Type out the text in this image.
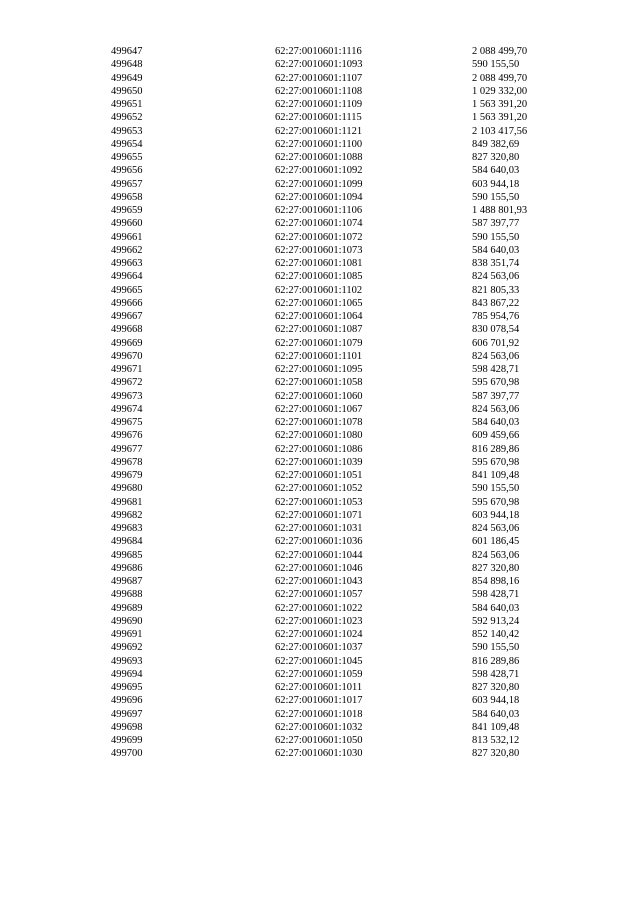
499647	62:27:0010601:1116	2 088 499,70
499648	62:27:0010601:1093	590 155,50
499649	62:27:0010601:1107	2 088 499,70
499650	62:27:0010601:1108	1 029 332,00
499651	62:27:0010601:1109	1 563 391,20
499652	62:27:0010601:1115	1 563 391,20
499653	62:27:0010601:1121	2 103 417,56
499654	62:27:0010601:1100	849 382,69
499655	62:27:0010601:1088	827 320,80
499656	62:27:0010601:1092	584 640,03
499657	62:27:0010601:1099	603 944,18
499658	62:27:0010601:1094	590 155,50
499659	62:27:0010601:1106	1 488 801,93
499660	62:27:0010601:1074	587 397,77
499661	62:27:0010601:1072	590 155,50
499662	62:27:0010601:1073	584 640,03
499663	62:27:0010601:1081	838 351,74
499664	62:27:0010601:1085	824 563,06
499665	62:27:0010601:1102	821 805,33
499666	62:27:0010601:1065	843 867,22
499667	62:27:0010601:1064	785 954,76
499668	62:27:0010601:1087	830 078,54
499669	62:27:0010601:1079	606 701,92
499670	62:27:0010601:1101	824 563,06
499671	62:27:0010601:1095	598 428,71
499672	62:27:0010601:1058	595 670,98
499673	62:27:0010601:1060	587 397,77
499674	62:27:0010601:1067	824 563,06
499675	62:27:0010601:1078	584 640,03
499676	62:27:0010601:1080	609 459,66
499677	62:27:0010601:1086	816 289,86
499678	62:27:0010601:1039	595 670,98
499679	62:27:0010601:1051	841 109,48
499680	62:27:0010601:1052	590 155,50
499681	62:27:0010601:1053	595 670,98
499682	62:27:0010601:1071	603 944,18
499683	62:27:0010601:1031	824 563,06
499684	62:27:0010601:1036	601 186,45
499685	62:27:0010601:1044	824 563,06
499686	62:27:0010601:1046	827 320,80
499687	62:27:0010601:1043	854 898,16
499688	62:27:0010601:1057	598 428,71
499689	62:27:0010601:1022	584 640,03
499690	62:27:0010601:1023	592 913,24
499691	62:27:0010601:1024	852 140,42
499692	62:27:0010601:1037	590 155,50
499693	62:27:0010601:1045	816 289,86
499694	62:27:0010601:1059	598 428,71
499695	62:27:0010601:1011	827 320,80
499696	62:27:0010601:1017	603 944,18
499697	62:27:0010601:1018	584 640,03
499698	62:27:0010601:1032	841 109,48
499699	62:27:0010601:1050	813 532,12
499700	62:27:0010601:1030	827 320,80
